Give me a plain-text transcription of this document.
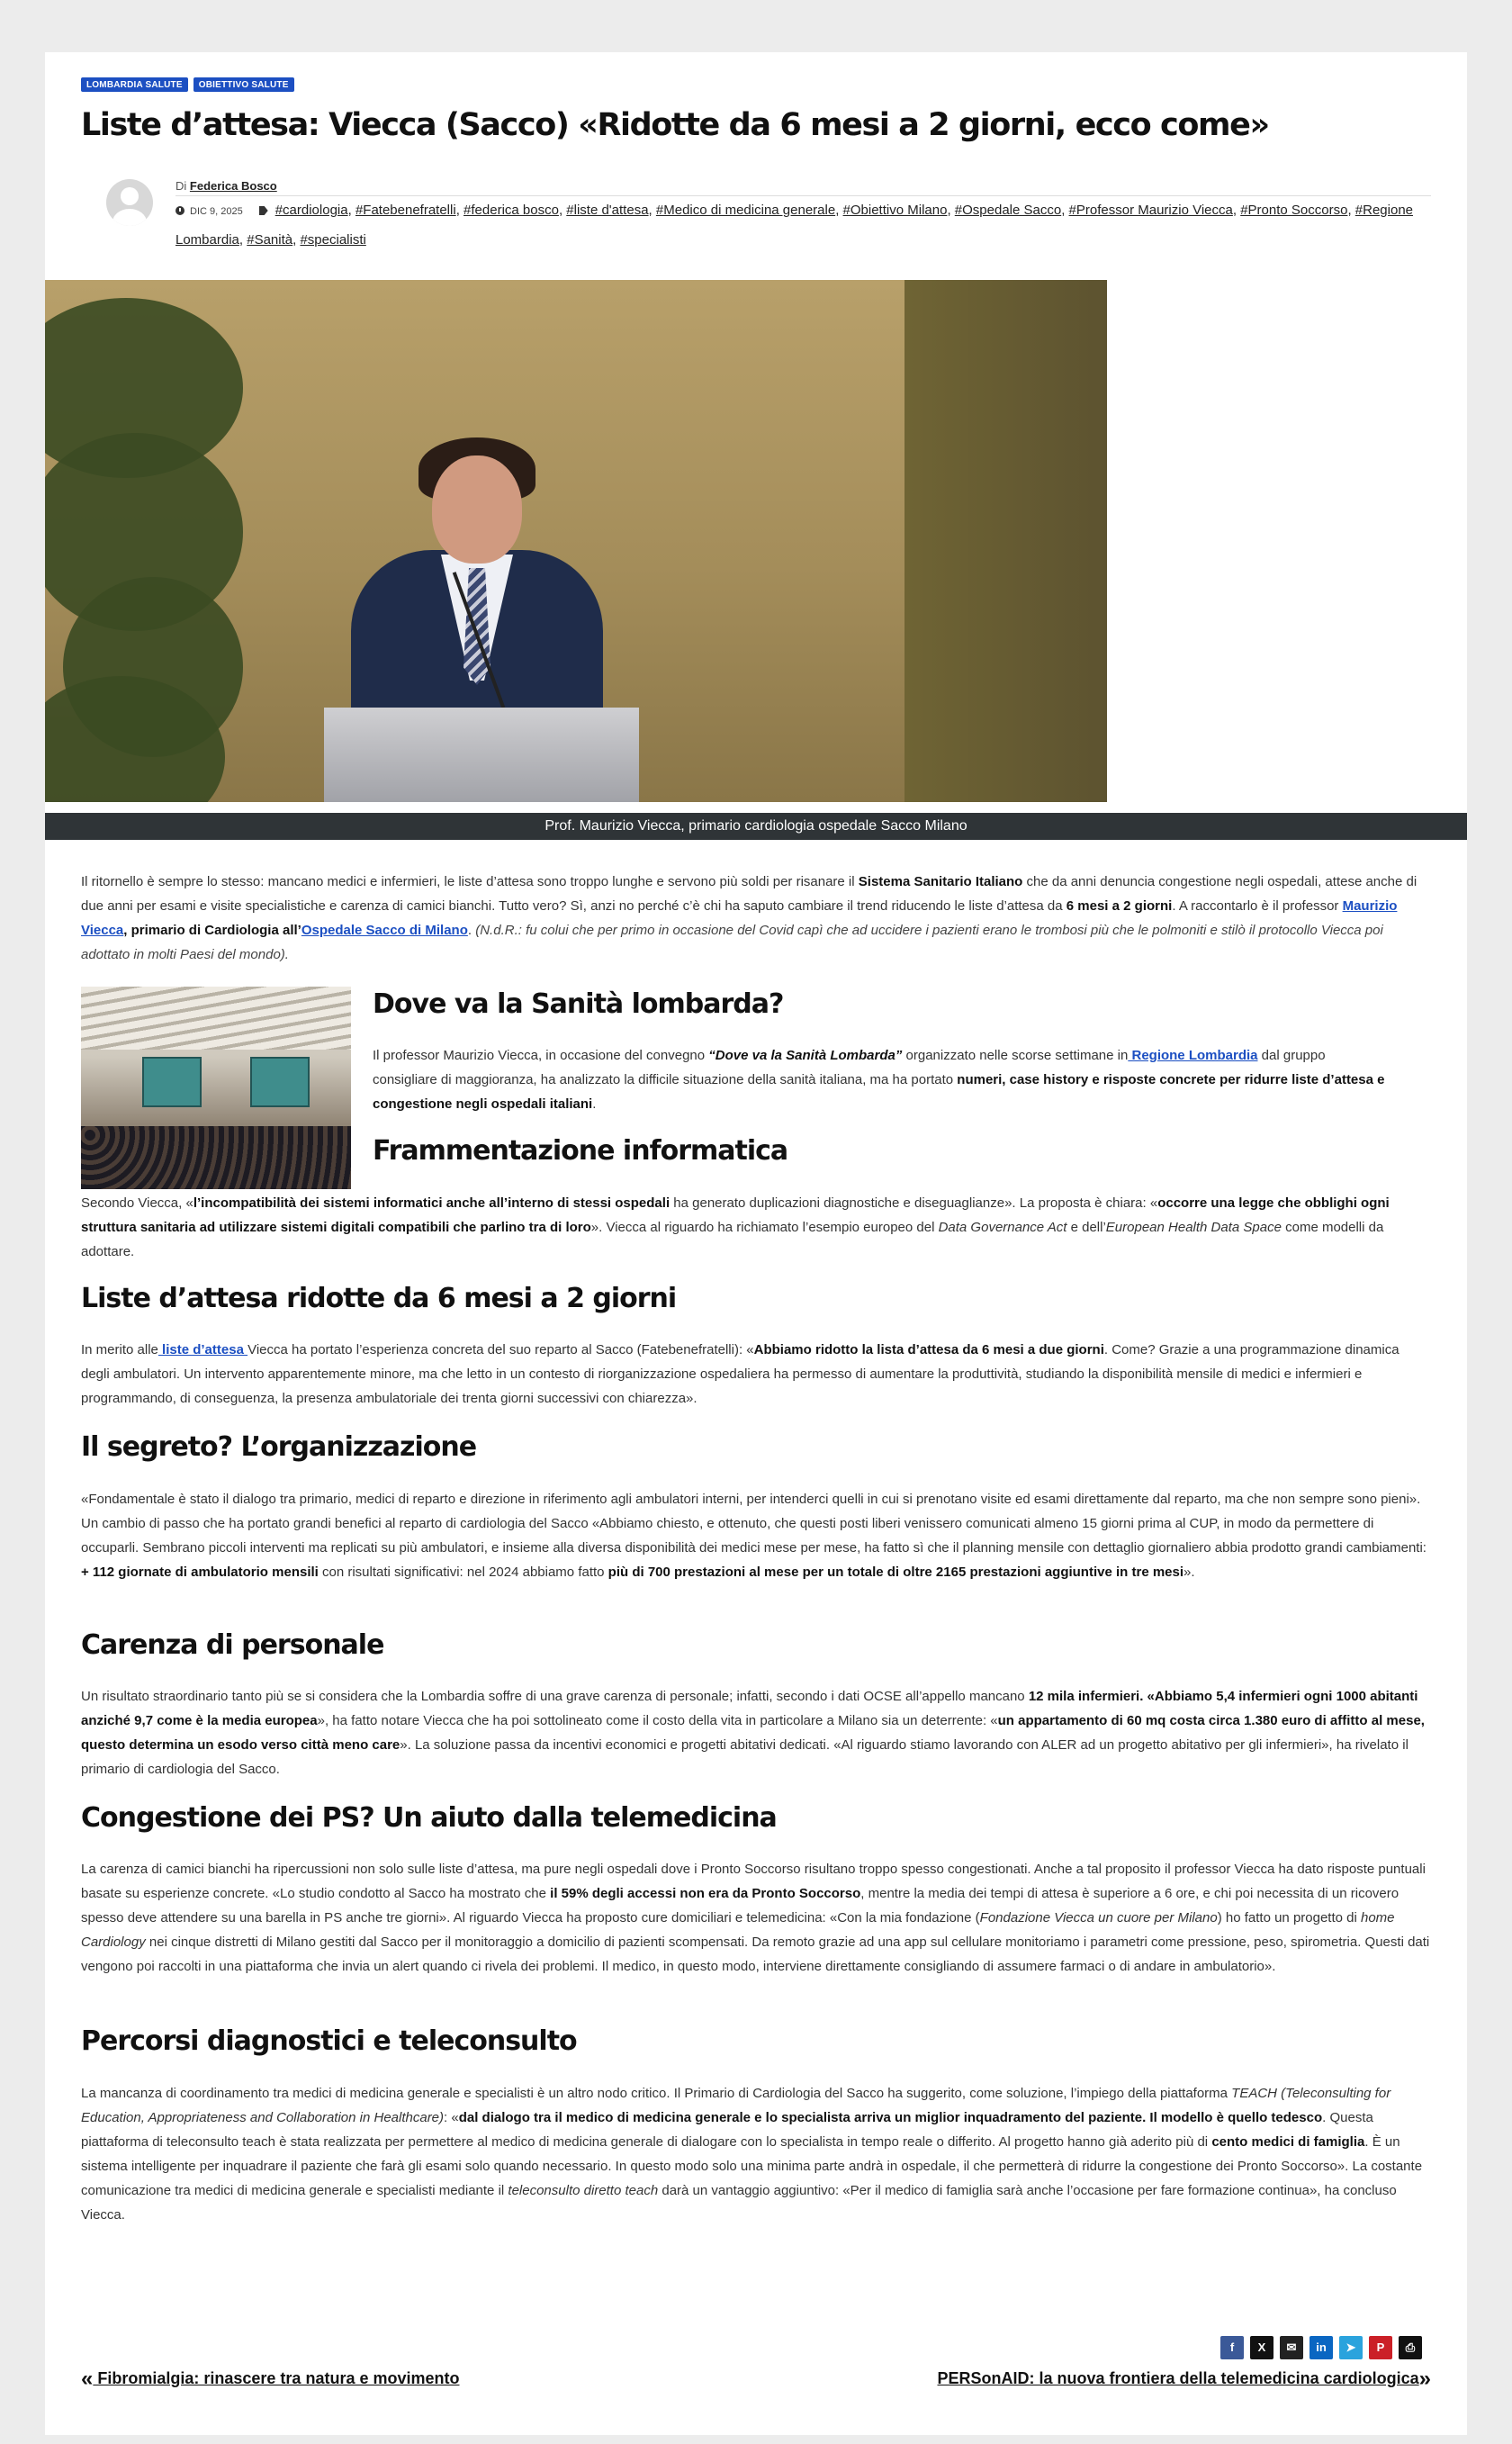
LOMBARDIA SALUTE	OBIETTIVO SALUTE
Liste d’attesa: Viecca (Sacco) «Ridotte da 6 mesi a 2 giorni, ecco come»
Di Federica Bosco
DIC 9, 2025 #cardiologia, #Fatebenefratelli, #federica bosco, #liste d'attesa, #Medico di medicina generale, #Obiettivo Milano, #Ospedale Sacco, #Professor Maurizio Viecca, #Pronto Soccorso, #Regione Lombardia, #Sanità, #specialisti
Prof. Maurizio Viecca, primario cardiologia ospedale Sacco Milano

Il ritornello è sempre lo stesso: mancano medici e infermieri, le liste d’attesa sono troppo lunghe e servono più soldi per risanare il Sistema Sanitario Italiano che da anni denuncia congestione negli ospedali, attese anche di due anni per esami e visite specialistiche e carenza di camici bianchi. Tutto vero? Sì, anzi no perché c’è chi ha saputo cambiare il trend riducendo le liste d’attesa da 6 mesi a 2 giorni. A raccontarlo è il professor Maurizio Viecca, primario di Cardiologia all’Ospedale Sacco di Milano. (N.d.R.: fu colui che per primo in occasione del Covid capì che ad uccidere i pazienti erano le trombosi più che le polmoniti e stilò il protocollo Viecca poi adottato in molti Paesi del mondo).

Dove va la Sanità lombarda?

Il professor Maurizio Viecca, in occasione del convegno “Dove va la Sanità Lombarda” organizzato nelle scorse settimane in Regione Lombardia dal gruppo consigliare di maggioranza, ha analizzato la difficile situazione della sanità italiana, ma ha portato numeri, case history e risposte concrete per ridurre liste d’attesa e congestione negli ospedali italiani.

Frammentazione informatica

Secondo Viecca, «l’incompatibilità dei sistemi informatici anche all’interno di stessi ospedali ha generato duplicazioni diagnostiche e diseguaglianze». La proposta è chiara: «occorre una legge che obblighi ogni struttura sanitaria ad utilizzare sistemi digitali compatibili che parlino tra di loro». Viecca al riguardo ha richiamato l’esempio europeo del Data Governance Act e dell’European Health Data Space come modelli da adottare.

Liste d’attesa ridotte da 6 mesi a 2 giorni

In merito alle liste d’attesa Viecca ha portato l’esperienza concreta del suo reparto al Sacco (Fatebenefratelli): «Abbiamo ridotto la lista d’attesa da 6 mesi a due giorni. Come? Grazie a una programmazione dinamica degli ambulatori. Un intervento apparentemente minore, ma che letto in un contesto di riorganizzazione ospedaliera ha permesso di aumentare la produttività, studiando la disponibilità mensile di medici e infermieri e programmando, di conseguenza, la presenza ambulatoriale dei trenta giorni successivi con chiarezza».

Il segreto? L’organizzazione

«Fondamentale è stato il dialogo tra primario, medici di reparto e direzione in riferimento agli ambulatori interni, per intenderci quelli in cui si prenotano visite ed esami direttamente dal reparto, ma che non sempre sono pieni». Un cambio di passo che ha portato grandi benefici al reparto di cardiologia del Sacco «Abbiamo chiesto, e ottenuto, che questi posti liberi venissero comunicati almeno 15 giorni prima al CUP, in modo da permettere di occuparli. Sembrano piccoli interventi ma replicati su più ambulatori, e insieme alla diversa disponibilità dei medici mese per mese, ha fatto sì che il planning mensile con dettaglio giornaliero abbia prodotto grandi cambiamenti: + 112 giornate di ambulatorio mensili con risultati significativi: nel 2024 abbiamo fatto più di 700 prestazioni al mese per un totale di oltre 2165 prestazioni aggiuntive in tre mesi».

Carenza di personale

Un risultato straordinario tanto più se si considera che la Lombardia soffre di una grave carenza di personale; infatti, secondo i dati OCSE all’appello mancano 12 mila infermieri. «Abbiamo 5,4 infermieri ogni 1000 abitanti anziché 9,7 come è la media europea», ha fatto notare Viecca che ha poi sottolineato come il costo della vita in particolare a Milano sia un deterrente: «un appartamento di 60 mq costa circa 1.380 euro di affitto al mese, questo determina un esodo verso città meno care». La soluzione passa da incentivi economici e progetti abitativi dedicati. «Al riguardo stiamo lavorando con ALER ad un progetto abitativo per gli infermieri», ha rivelato il primario di cardiologia del Sacco.

Congestione dei PS? Un aiuto dalla telemedicina

La carenza di camici bianchi ha ripercussioni non solo sulle liste d’attesa, ma pure negli ospedali dove i Pronto Soccorso risultano troppo spesso congestionati. Anche a tal proposito il professor Viecca ha dato risposte puntuali basate su esperienze concrete. «Lo studio condotto al Sacco ha mostrato che il 59% degli accessi non era da Pronto Soccorso, mentre la media dei tempi di attesa è superiore a 6 ore, e chi poi necessita di un ricovero spesso deve attendere su una barella in PS anche tre giorni». Al riguardo Viecca ha proposto cure domiciliari e telemedicina: «Con la mia fondazione (Fondazione Viecca un cuore per Milano) ho fatto un progetto di home Cardiology nei cinque distretti di Milano gestiti dal Sacco per il monitoraggio a domicilio di pazienti scompensati. Da remoto grazie ad una app sul cellulare monitoriamo i parametri come pressione, peso, spirometria. Questi dati vengono poi raccolti in una piattaforma che invia un alert quando ci rivela dei problemi. Il medico, in questo modo, interviene direttamente consigliando di assumere farmaci o di andare in ambulatorio».

Percorsi diagnostici e teleconsulto

La mancanza di coordinamento tra medici di medicina generale e specialisti è un altro nodo critico. Il Primario di Cardiologia del Sacco ha suggerito, come soluzione, l’impiego della piattaforma TEACH (Teleconsulting for Education, Appropriateness and Collaboration in Healthcare): «dal dialogo tra il medico di medicina generale e lo specialista arriva un miglior inquadramento del paziente. Il modello è quello tedesco. Questa piattaforma di teleconsulto teach è stata realizzata per permettere al medico di medicina generale di dialogare con lo specialista in tempo reale o differito. Al progetto hanno già aderito più di cento medici di famiglia. È un sistema intelligente per inquadrare il paziente che farà gli esami solo quando necessario. In questo modo solo una minima parte andrà in ospedale, il che permetterà di ridurre la congestione dei Pronto Soccorso». La costante comunicazione tra medici di medicina generale e specialisti mediante il teleconsulto diretto teach darà un vantaggio aggiuntivo: «Per il medico di famiglia sarà anche l’occasione per fare formazione continua», ha concluso Viecca.

f	X	✉	in	➤	P	⎙
« Fibromialgia: rinascere tra natura e movimento	PERSonAID: la nuova frontiera della telemedicina cardiologica»
